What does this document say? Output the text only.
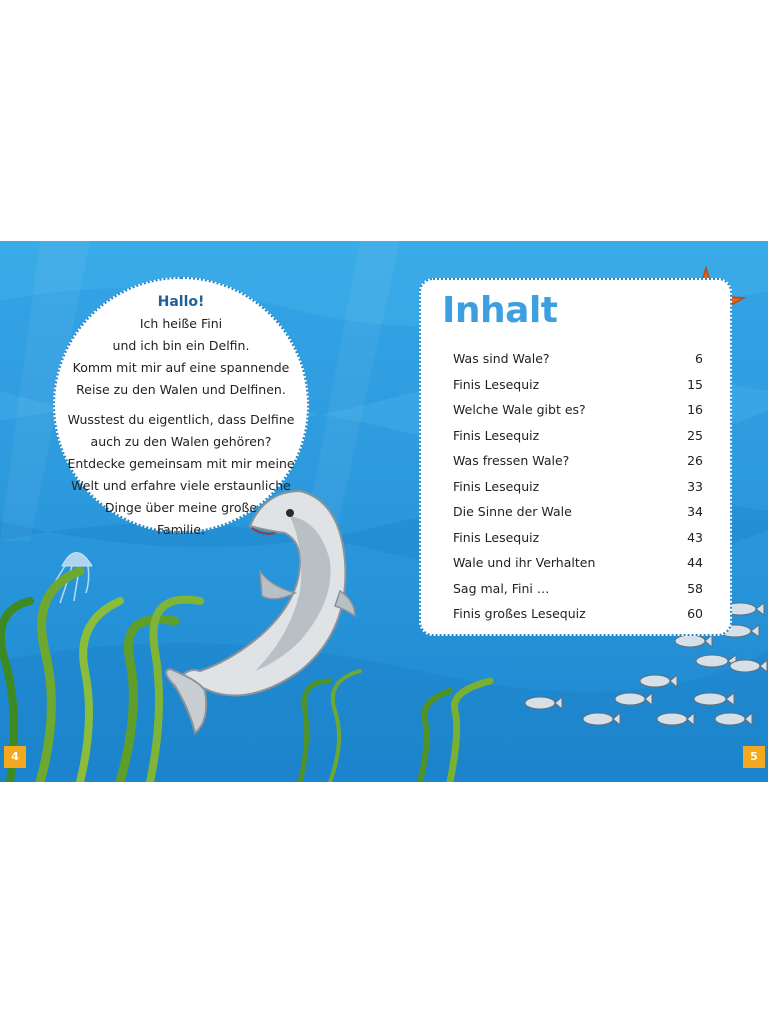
Hallo!
Ich heiße Fini
und ich bin ein Delfin.
Komm mit mir auf eine spannende
Reise zu den Walen und Delfinen.
Wusstest du eigentlich, dass Delfine
auch zu den Walen gehören?
Entdecke gemeinsam mit mir meine
Welt und erfahre viele erstaunliche
Dinge über meine große
Familie.
Inhalt
Was sind Wale?	6
Finis Lesequiz	15
Welche Wale gibt es?	16
Finis Lesequiz	25
Was fressen Wale?	26
Finis Lesequiz	33
Die Sinne der Wale	34
Finis Lesequiz	43
Wale und ihr Verhalten	44
Sag mal, Fini …	58
Finis großes Lesequiz	60
4	5
